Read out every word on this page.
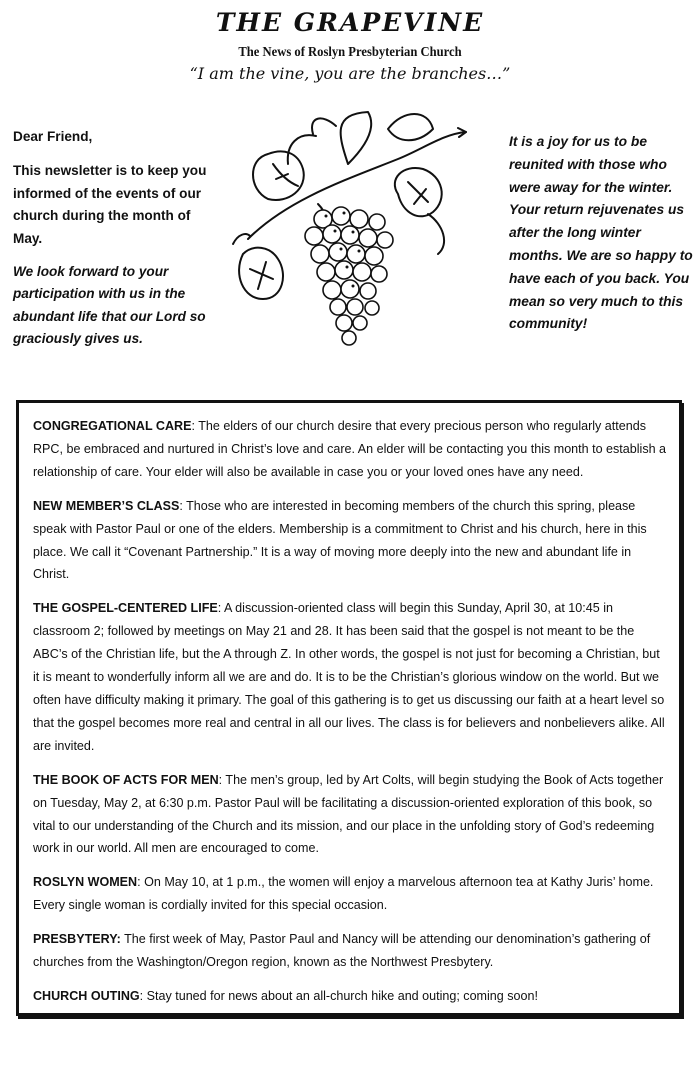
THE GRAPEVINE
The News of Roslyn Presbyterian Church
“I am the vine, you are the branches…”

Dear Friend,

This newsletter is to keep you informed of the events of our church during the month of May.

We look forward to your participation with us in the abundant life that our Lord so graciously gives us.

It is a joy for us to be reunited with those who were away for the winter. Your return rejuvenates us after the long winter months. We are so happy to have each of you back. You mean so very much to this community!

CONGREGATIONAL CARE: The elders of our church desire that every precious person who regularly attends RPC, be embraced and nurtured in Christ’s love and care. An elder will be contacting you this month to establish a relationship of care. Your elder will also be available in case you or your loved ones have any need.

NEW MEMBER’S CLASS: Those who are interested in becoming members of the church this spring, please speak with Pastor Paul or one of the elders. Membership is a commitment to Christ and his church, here in this place. We call it “Covenant Partnership.” It is a way of moving more deeply into the new and abundant life in Christ.

THE GOSPEL-CENTERED LIFE: A discussion-oriented class will begin this Sunday, April 30, at 10:45 in classroom 2; followed by meetings on May 21 and 28. It has been said that the gospel is not meant to be the ABC’s of the Christian life, but the A through Z. In other words, the gospel is not just for becoming a Christian, but it is meant to wonderfully inform all we are and do. It is to be the Christian’s glorious window on the world. But we often have difficulty making it primary. The goal of this gathering is to get us discussing our faith at a heart level so that the gospel becomes more real and central in all our lives. The class is for believers and nonbelievers alike. All are invited.

THE BOOK OF ACTS FOR MEN: The men’s group, led by Art Colts, will begin studying the Book of Acts together on Tuesday, May 2, at 6:30 p.m. Pastor Paul will be facilitating a discussion-oriented exploration of this book, so vital to our understanding of the Church and its mission, and our place in the unfolding story of God’s redeeming work in our world. All men are encouraged to come.

ROSLYN WOMEN: On May 10, at 1 p.m., the women will enjoy a marvelous afternoon tea at Kathy Juris’ home. Every single woman is cordially invited for this special occasion.

PRESBYTERY: The first week of May, Pastor Paul and Nancy will be attending our denomination’s gathering of churches from the Washington/Oregon region, known as the Northwest Presbytery.

CHURCH OUTING: Stay tuned for news about an all-church hike and outing; coming soon!
